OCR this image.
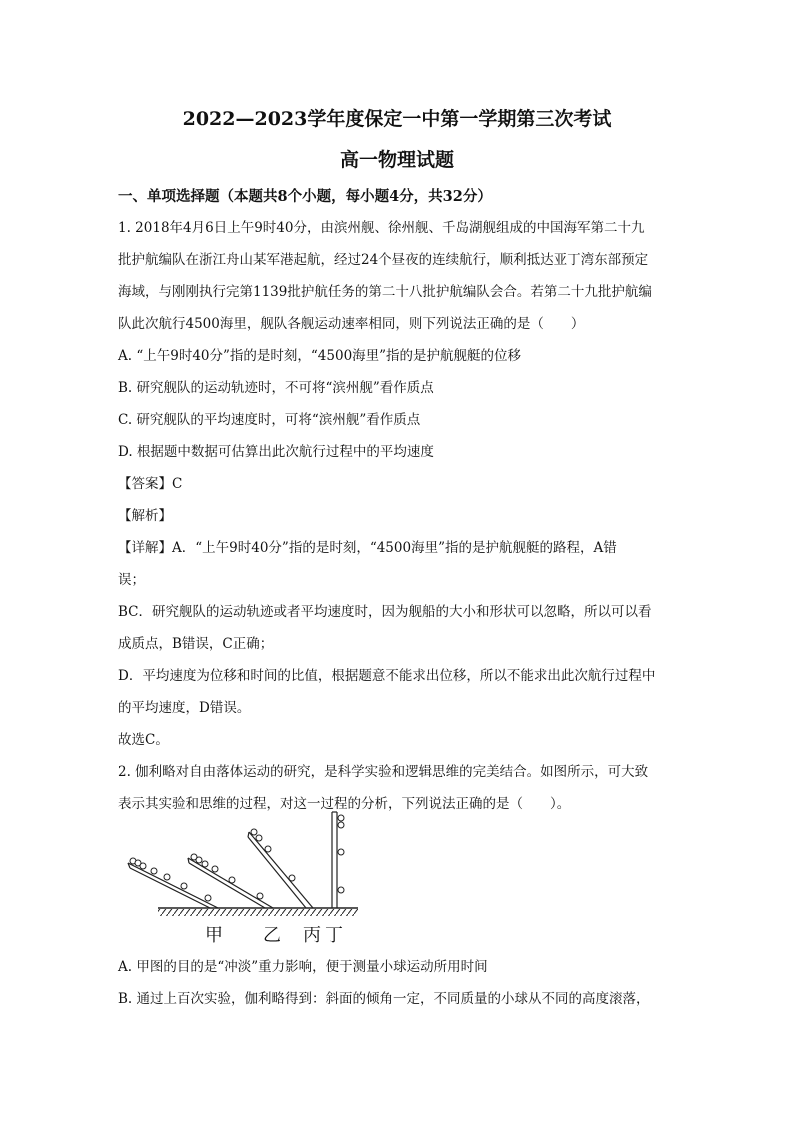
2022—2023学年度保定一中第一学期第三次考试
高一物理试题
一、单项选择题（本题共8个小题，每小题4分，共32分）
1. 2018年4月6日上午9时40分，由滨州舰、徐州舰、千岛湖舰组成的中国海军第二十九
批护航编队在浙江舟山某军港起航，经过24个昼夜的连续航行，顺利抵达亚丁湾东部预定
海域，与刚刚执行完第1139批护航任务的第二十八批护航编队会合。若第二十九批护航编
队此次航行4500海里，舰队各舰运动速率相同，则下列说法正确的是（　　）
A. “上午9时40分”指的是时刻，“4500海里”指的是护航舰艇的位移
B. 研究舰队的运动轨迹时，不可将“滨州舰”看作质点
C. 研究舰队的平均速度时，可将“滨州舰”看作质点
D. 根据题中数据可估算出此次航行过程中的平均速度
【答案】C
【解析】
【详解】A．“上午9时40分”指的是时刻，“4500海里”指的是护航舰艇的路程，A错
误；
BC．研究舰队的运动轨迹或者平均速度时，因为舰船的大小和形状可以忽略，所以可以看
成质点，B错误，C正确；
D．平均速度为位移和时间的比值，根据题意不能求出位移，所以不能求出此次航行过程中
的平均速度，D错误。
故选C。
2. 伽利略对自由落体运动的研究，是科学实验和逻辑思维的完美结合。如图所示，可大致
表示其实验和思维的过程，对这一过程的分析，下列说法正确的是（　　）。
甲 乙 丙 丁
A. 甲图的目的是“冲淡”重力影响，便于测量小球运动所用时间
B. 通过上百次实验，伽利略得到：斜面的倾角一定，不同质量的小球从不同的高度滚落，
